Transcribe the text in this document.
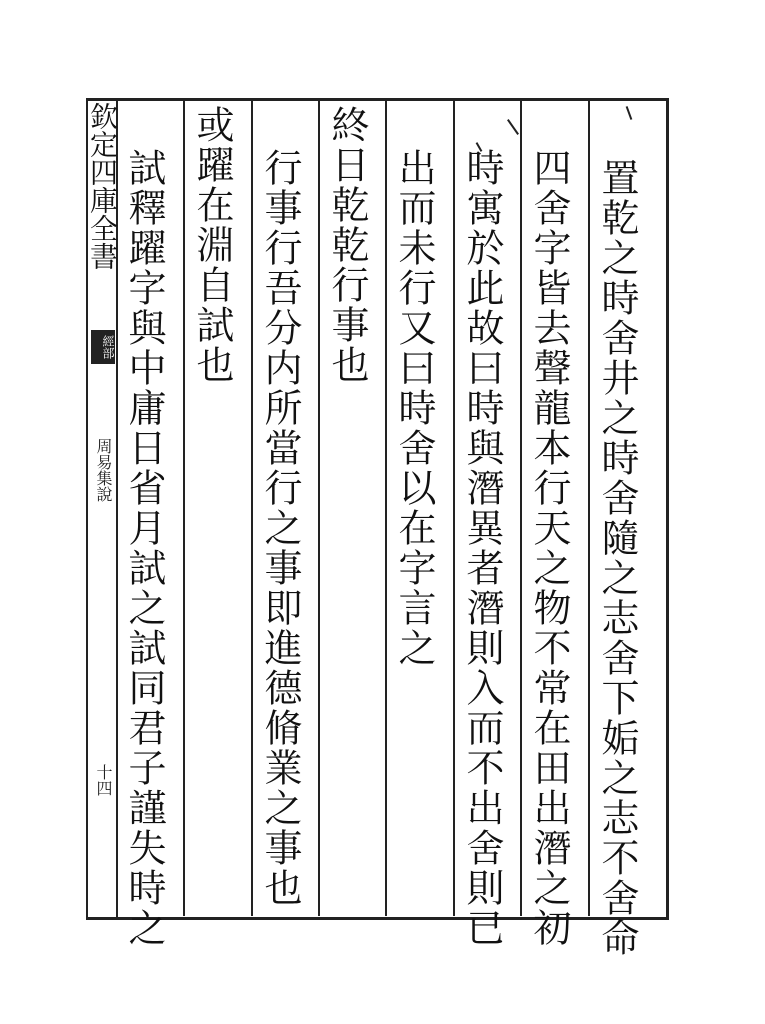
欽定四庫全書
經部
周易集說
十四	置乾之時舍井之時舍隨之志舍下姤之志不舍命
四舍字皆去聲龍本行天之物不常在田出潛之初
時寓於此故曰時與潛異者潛則入而不出舍則已
出而未行又曰時舍以在字言之
終日乾乾行事也
行事行吾分内所當行之事即進德脩業之事也
或躍在淵自試也
試釋躍字與中庸日省月試之試同君子謹失時之
